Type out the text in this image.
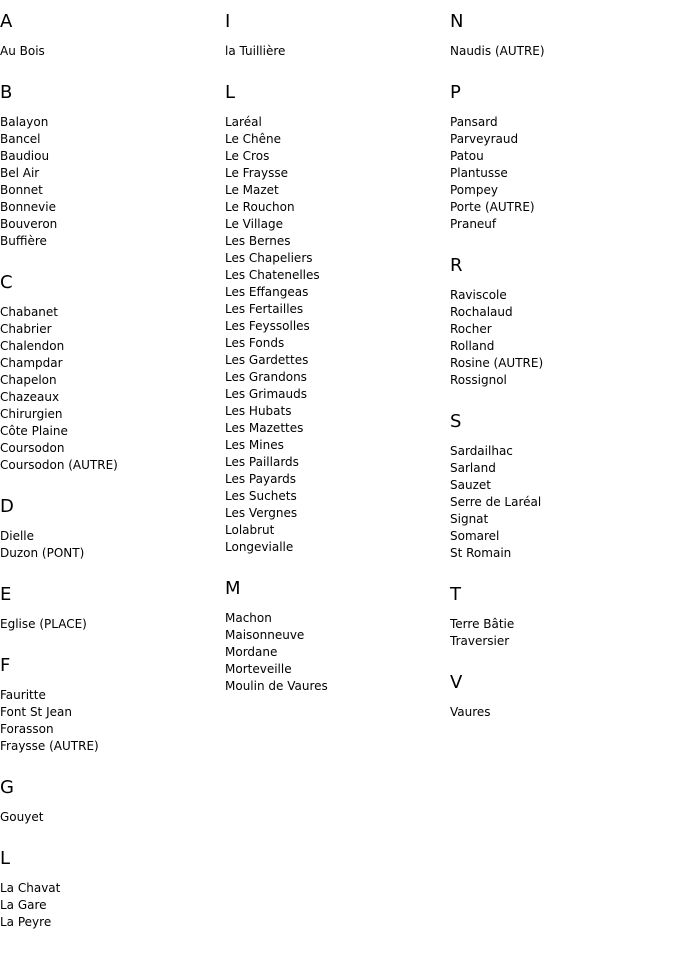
A
Au Bois
B
Balayon
Bancel
Baudiou
Bel Air
Bonnet
Bonnevie
Bouveron
Buffière
C
Chabanet
Chabrier
Chalendon
Champdar
Chapelon
Chazeaux
Chirurgien
Côte Plaine
Coursodon
Coursodon (AUTRE)
D
Dielle
Duzon (PONT)
E
Eglise (PLACE)
F
Fauritte
Font St Jean
Forasson
Fraysse (AUTRE)
G
Gouyet
L
La Chavat
La Gare
La Peyre
I
la Tuillière
L
Laréal
Le Chêne
Le Cros
Le Fraysse
Le Mazet
Le Rouchon
Le Village
Les Bernes
Les Chapeliers
Les Chatenelles
Les Effangeas
Les Fertailles
Les Feyssolles
Les Fonds
Les Gardettes
Les Grandons
Les Grimauds
Les Hubats
Les Mazettes
Les Mines
Les Paillards
Les Payards
Les Suchets
Les Vergnes
Lolabrut
Longevialle
M
Machon
Maisonneuve
Mordane
Morteveille
Moulin de Vaures
N
Naudis (AUTRE)
P
Pansard
Parveyraud
Patou
Plantusse
Pompey
Porte (AUTRE)
Praneuf
R
Raviscole
Rochalaud
Rocher
Rolland
Rosine (AUTRE)
Rossignol
S
Sardailhac
Sarland
Sauzet
Serre de Laréal
Signat
Somarel
St Romain
T
Terre Bâtie
Traversier
V
Vaures
